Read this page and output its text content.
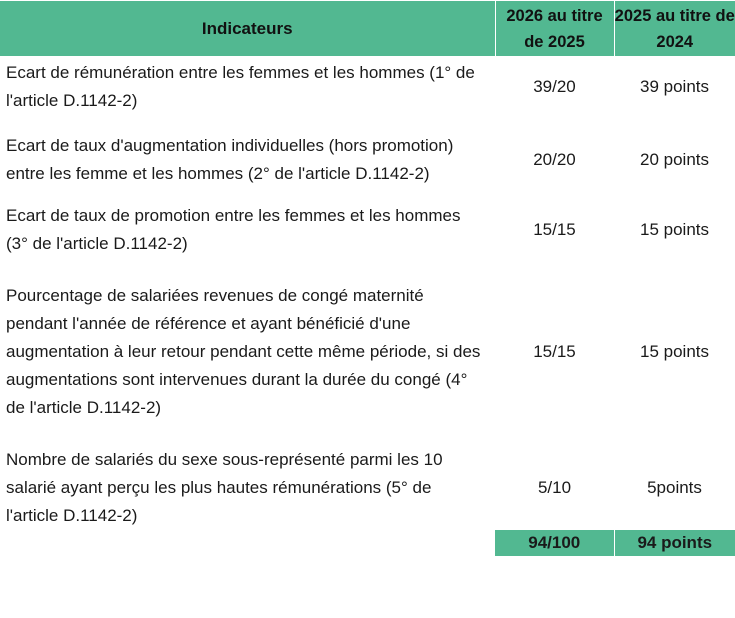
Indicateurs	2026 au titre de 2025	2025 au titre de 2024
Ecart de rémunération entre les femmes et les hommes (1° de l'article D.1142-2)	39/20	39 points
Ecart de taux d'augmentation individuelles (hors promotion) entre les femme et les hommes (2° de l'article D.1142-2)	20/20	20 points
Ecart de taux de promotion entre les femmes et les hommes (3° de l'article D.1142-2)	15/15	15 points

Pourcentage de salariées revenues de congé maternité pendant l'année de référence et ayant bénéficié d'une augmentation à leur retour pendant cette même période, si des augmentations sont intervenues durant la durée du congé (4° de l'article D.1142-2)	15/15	15 points

Nombre de salariés du sexe sous-représenté parmi les 10 salarié ayant perçu les plus hautes rémunérations (5° de l'article D.1142-2)	5/10	5points
	94/100	94 points
